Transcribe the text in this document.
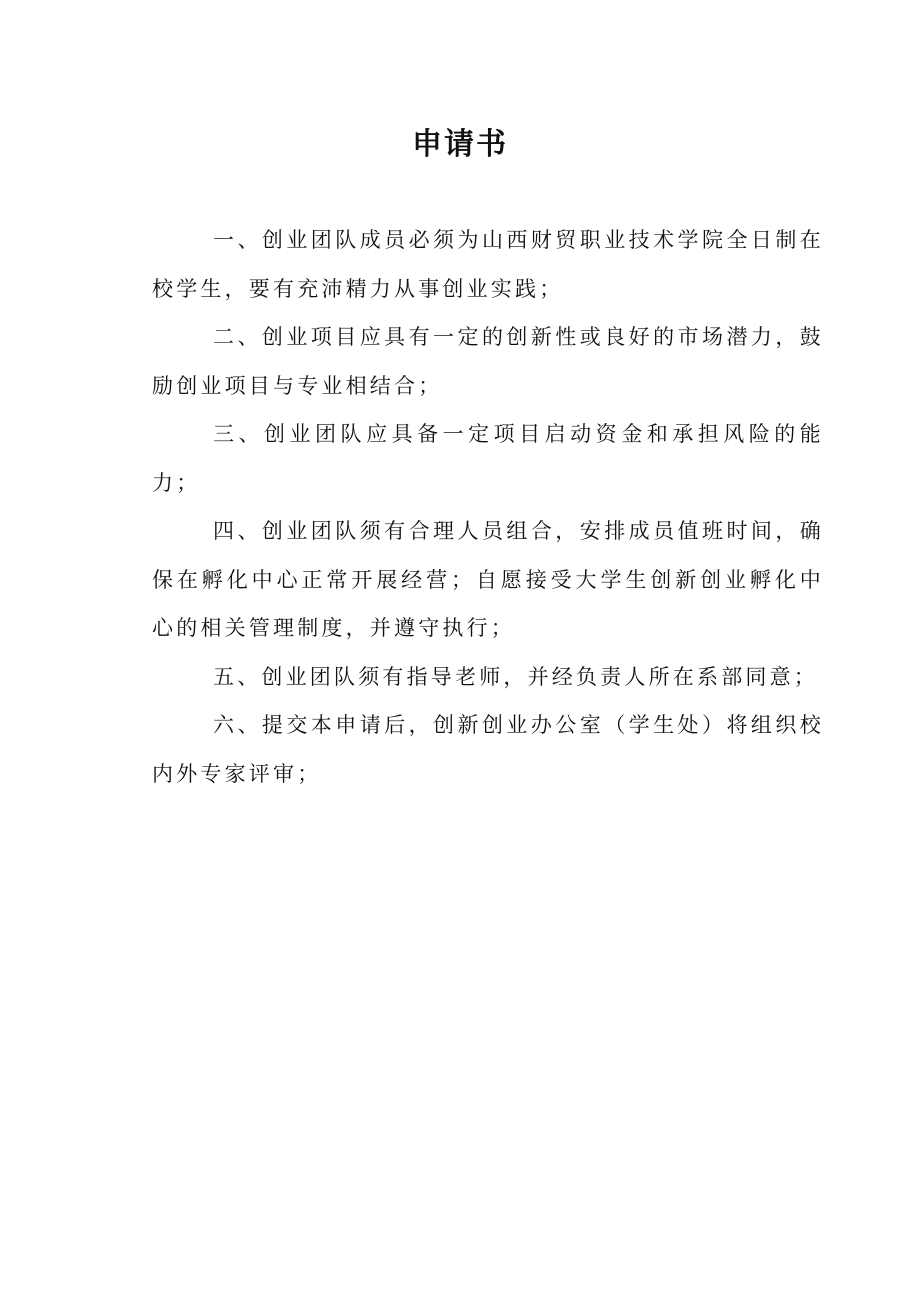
申请书

一、创业团队成员必须为山西财贸职业技术学院全日制在校学生，要有充沛精力从事创业实践；

二、创业项目应具有一定的创新性或良好的市场潜力，鼓励创业项目与专业相结合；

三、创业团队应具备一定项目启动资金和承担风险的能力；

四、创业团队须有合理人员组合，安排成员值班时间，确保在孵化中心正常开展经营；自愿接受大学生创新创业孵化中心的相关管理制度，并遵守执行；

五、创业团队须有指导老师，并经负责人所在系部同意；

六、提交本申请后，创新创业办公室（学生处）将组织校内外专家评审；
